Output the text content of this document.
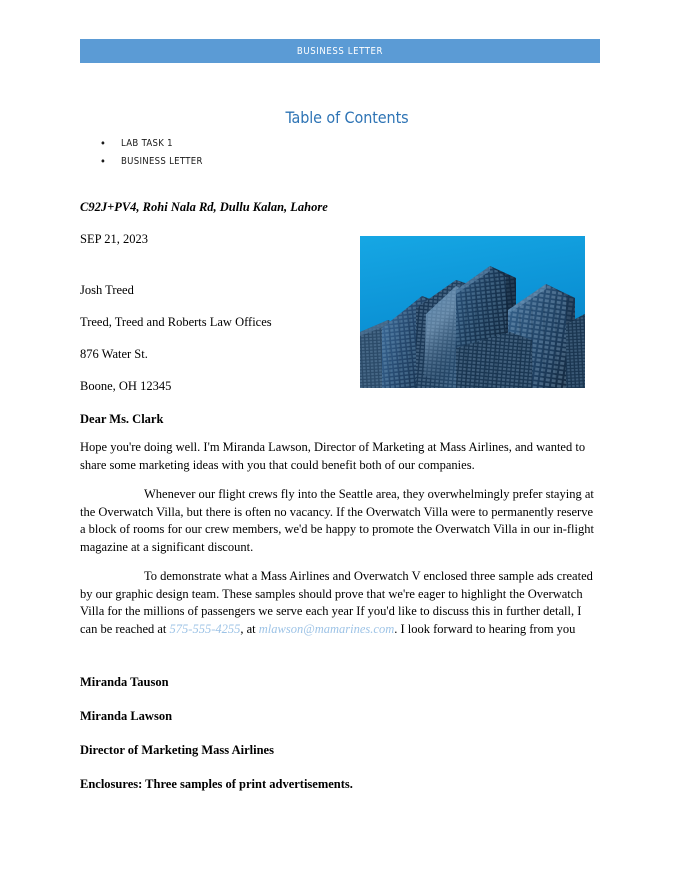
BUSINESS LETTER
Table of Contents
• LAB TASK 1
• BUSINESS LETTER

C92J+PV4, Rohi Nala Rd, Dullu Kalan, Lahore

SEP 21, 2023

Josh Treed

Treed, Treed and Roberts Law Offices

876 Water St.

Boone, OH 12345

Dear Ms. Clark

Hope you're doing well. I'm Miranda Lawson, Director of Marketing at Mass Airlines, and wanted to share some marketing ideas with you that could benefit both of our companies.

Whenever our flight crews fly into the Seattle area, they overwhelmingly prefer staying at the Overwatch Villa, but there is often no vacancy. If the Overwatch Villa were to permanently reserve a block of rooms for our crew members, we'd be happy to promote the Overwatch Villa in our in-flight magazine at a significant discount.

To demonstrate what a Mass Airlines and Overwatch V enclosed three sample ads created by our graphic design team. These samples should prove that we're eager to highlight the Overwatch Villa for the millions of passengers we serve each year If you'd like to discuss this in further detall, I can be reached at 575-555-4255, at mlawson@mamarines.com. I look forward to hearing from you

Miranda Tauson

Miranda Lawson

Director of Marketing Mass Airlines

Enclosures: Three samples of print advertisements.
